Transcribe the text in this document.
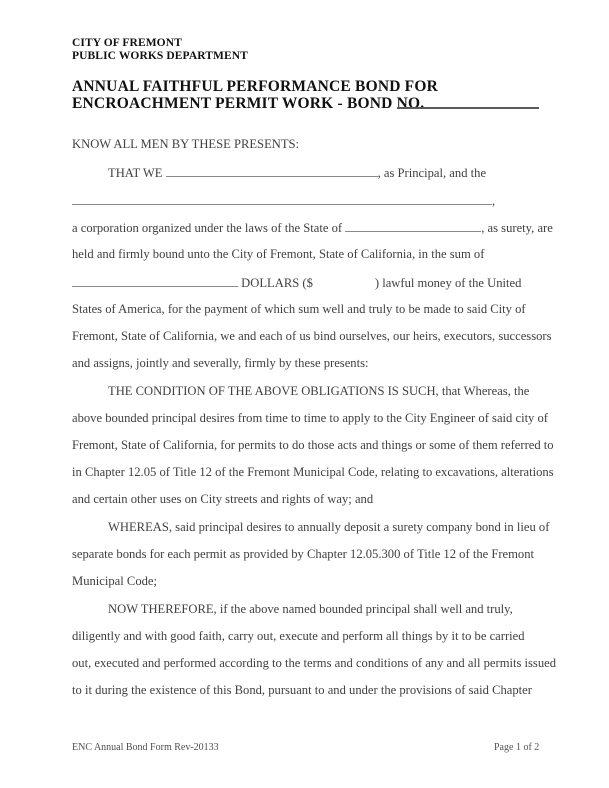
CITY OF FREMONT
PUBLIC WORKS DEPARTMENT
ANNUAL FAITHFUL PERFORMANCE BOND FOR
ENCROACHMENT PERMIT WORK - BOND NO.
KNOW ALL MEN BY THESE PRESENTS:
THAT WE	, as Principal, and the
,
a corporation organized under the laws of the State of	, as surety, are
held and firmly bound unto the City of Fremont, State of California, in the sum of
DOLLARS ($	) lawful money of the United
States of America, for the payment of which sum well and truly to be made to said City of
Fremont, State of California, we and each of us bind ourselves, our heirs, executors, successors
and assigns, jointly and severally, firmly by these presents:
THE CONDITION OF THE ABOVE OBLIGATIONS IS SUCH, that Whereas, the
above bounded principal desires from time to time to apply to the City Engineer of said city of
Fremont, State of California, for permits to do those acts and things or some of them referred to
in Chapter 12.05 of Title 12 of the Fremont Municipal Code, relating to excavations, alterations
and certain other uses on City streets and rights of way; and
WHEREAS, said principal desires to annually deposit a surety company bond in lieu of
separate bonds for each permit as provided by Chapter 12.05.300 of Title 12 of the Fremont
Municipal Code;
NOW THEREFORE, if the above named bounded principal shall well and truly,
diligently and with good faith, carry out, execute and perform all things by it to be carried
out, executed and performed according to the terms and conditions of any and all permits issued
to it during the existence of this Bond, pursuant to and under the provisions of said Chapter
ENC Annual Bond Form Rev-20133	Page 1 of 2
